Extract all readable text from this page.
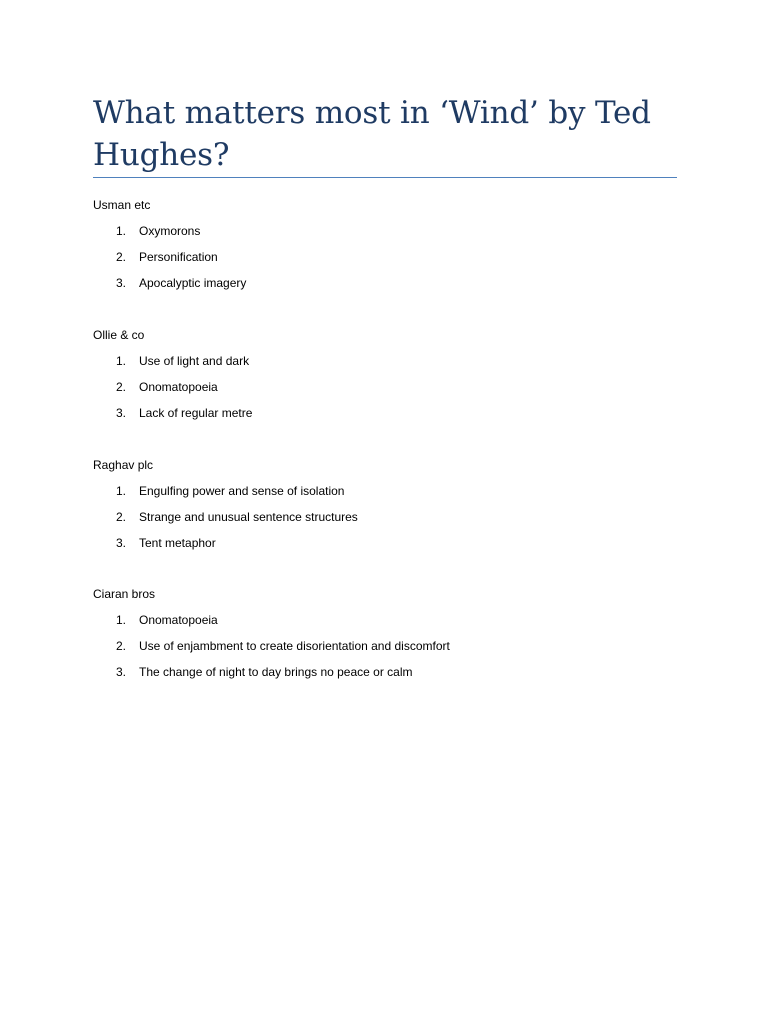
What matters most in ‘Wind’ by Ted Hughes?
Usman etc
1.	Oxymorons
2.	Personification
3.	Apocalyptic imagery
Ollie & co
1.	Use of light and dark
2.	Onomatopoeia
3.	Lack of regular metre
Raghav plc
1.	Engulfing power and sense of isolation
2.	Strange and unusual sentence structures
3.	Tent metaphor
Ciaran bros
1.	Onomatopoeia
2.	Use of enjambment to create disorientation and discomfort
3.	The change of night to day brings no peace or calm
